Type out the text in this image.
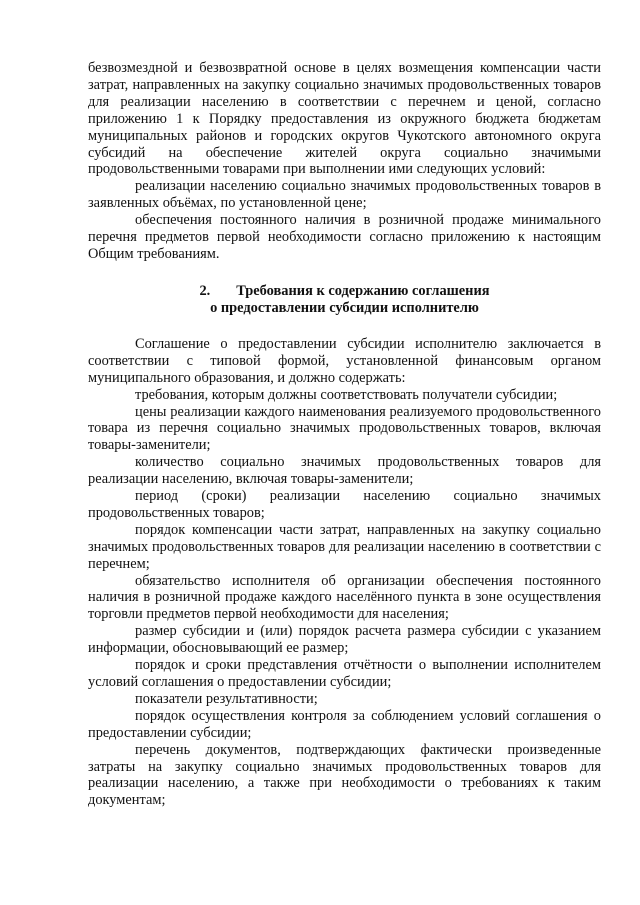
безвозмездной и безвозвратной основе в целях возмещения компенсации части затрат, направленных на закупку социально значимых продовольственных товаров для реализации населению в соответствии с перечнем и ценой, согласно приложению 1 к Порядку предоставления из окружного бюджета бюджетам муниципальных районов и городских округов Чукотского автономного округа субсидий на обеспечение жителей округа социально значимыми продовольственными товарами при выполнении ими следующих условий:

реализации населению социально значимых продовольственных товаров в заявленных объёмах, по установленной цене;

обеспечения постоянного наличия в розничной продаже минимального перечня предметов первой необходимости согласно приложению к настоящим Общим требованиям.

2. Требования к содержанию соглашения
о предоставлении субсидии исполнителю

Соглашение о предоставлении субсидии исполнителю заключается в соответствии с типовой формой, установленной финансовым органом муниципального образования, и должно содержать:

требования, которым должны соответствовать получатели субсидии;

цены реализации каждого наименования реализуемого продовольственного товара из перечня социально значимых продовольственных товаров, включая товары-заменители;

количество социально значимых продовольственных товаров для реализации населению, включая товары-заменители;

период (сроки) реализации населению социально значимых продовольственных товаров;

порядок компенсации части затрат, направленных на закупку социально значимых продовольственных товаров для реализации населению в соответствии с перечнем;

обязательство исполнителя об организации обеспечения постоянного наличия в розничной продаже каждого населённого пункта в зоне осуществления торговли предметов первой необходимости для населения;

размер субсидии и (или) порядок расчета размера субсидии с указанием информации, обосновывающий ее размер;

порядок и сроки представления отчётности о выполнении исполнителем условий соглашения о предоставлении субсидии;

показатели результативности;

порядок осуществления контроля за соблюдением условий соглашения о предоставлении субсидии;

перечень документов, подтверждающих фактически произведенные затраты на закупку социально значимых продовольственных товаров для реализации населению, а также при необходимости о требованиях к таким документам;
